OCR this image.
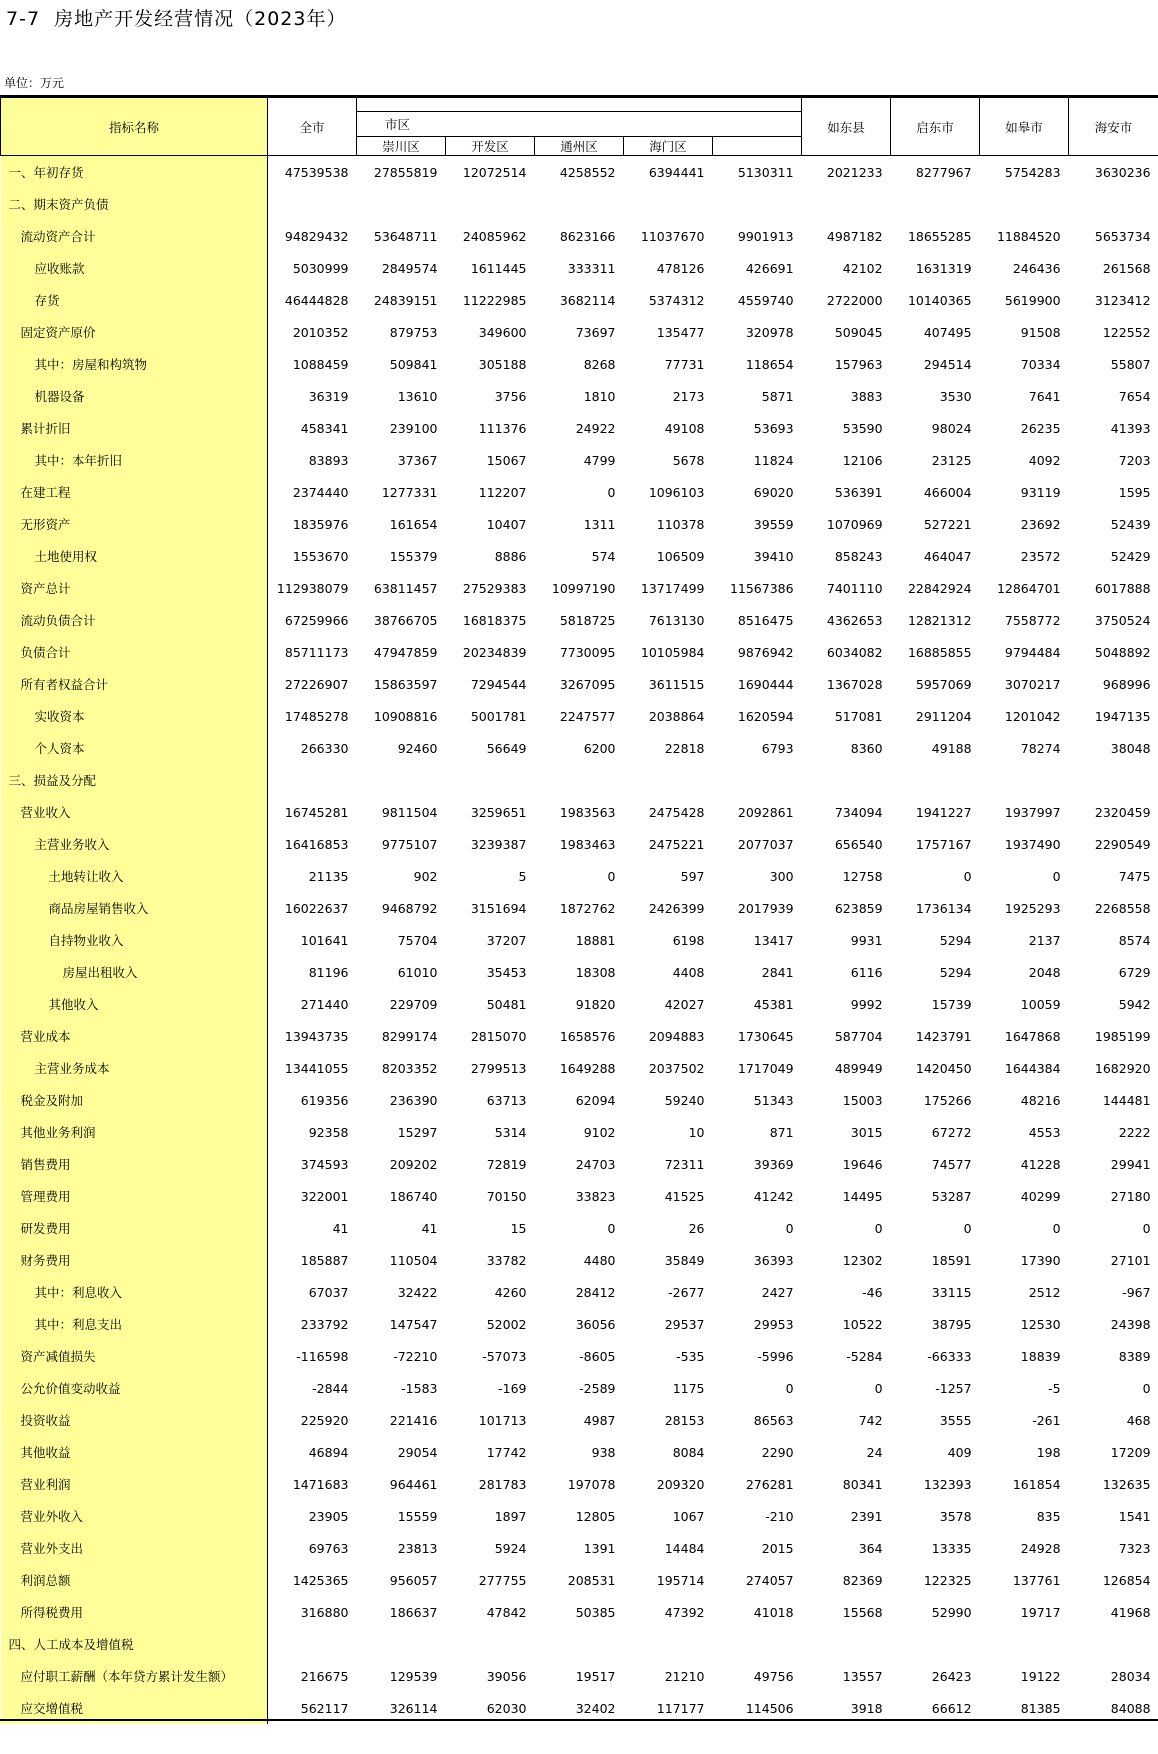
7-7  房地产开发经营情况（2023年）
单位：万元
指标名称	全市						如东县	启东市	如皋市	海安市
		市区								
		崇川区	开发区	通州区	海门区					
一、年初存货	47539538	27855819	12072514	4258552	6394441	5130311	2021233	8277967	5754283	3630236
二、期末资产负债										
流动资产合计	94829432	53648711	24085962	8623166	11037670	9901913	4987182	18655285	11884520	5653734
应收账款	5030999	2849574	1611445	333311	478126	426691	42102	1631319	246436	261568
存货	46444828	24839151	11222985	3682114	5374312	4559740	2722000	10140365	5619900	3123412
固定资产原价	2010352	879753	349600	73697	135477	320978	509045	407495	91508	122552
其中：房屋和构筑物	1088459	509841	305188	8268	77731	118654	157963	294514	70334	55807
机器设备	36319	13610	3756	1810	2173	5871	3883	3530	7641	7654
累计折旧	458341	239100	111376	24922	49108	53693	53590	98024	26235	41393
其中：本年折旧	83893	37367	15067	4799	5678	11824	12106	23125	4092	7203
在建工程	2374440	1277331	112207	0	1096103	69020	536391	466004	93119	1595
无形资产	1835976	161654	10407	1311	110378	39559	1070969	527221	23692	52439
土地使用权	1553670	155379	8886	574	106509	39410	858243	464047	23572	52429
资产总计	112938079	63811457	27529383	10997190	13717499	11567386	7401110	22842924	12864701	6017888
流动负债合计	67259966	38766705	16818375	5818725	7613130	8516475	4362653	12821312	7558772	3750524
负债合计	85711173	47947859	20234839	7730095	10105984	9876942	6034082	16885855	9794484	5048892
所有者权益合计	27226907	15863597	7294544	3267095	3611515	1690444	1367028	5957069	3070217	968996
实收资本	17485278	10908816	5001781	2247577	2038864	1620594	517081	2911204	1201042	1947135
个人资本	266330	92460	56649	6200	22818	6793	8360	49188	78274	38048
三、损益及分配										
营业收入	16745281	9811504	3259651	1983563	2475428	2092861	734094	1941227	1937997	2320459
主营业务收入	16416853	9775107	3239387	1983463	2475221	2077037	656540	1757167	1937490	2290549
土地转让收入	21135	902	5	0	597	300	12758	0	0	7475
商品房屋销售收入	16022637	9468792	3151694	1872762	2426399	2017939	623859	1736134	1925293	2268558
自持物业收入	101641	75704	37207	18881	6198	13417	9931	5294	2137	8574
房屋出租收入	81196	61010	35453	18308	4408	2841	6116	5294	2048	6729
其他收入	271440	229709	50481	91820	42027	45381	9992	15739	10059	5942
营业成本	13943735	8299174	2815070	1658576	2094883	1730645	587704	1423791	1647868	1985199
主营业务成本	13441055	8203352	2799513	1649288	2037502	1717049	489949	1420450	1644384	1682920
税金及附加	619356	236390	63713	62094	59240	51343	15003	175266	48216	144481
其他业务利润	92358	15297	5314	9102	10	871	3015	67272	4553	2222
销售费用	374593	209202	72819	24703	72311	39369	19646	74577	41228	29941
管理费用	322001	186740	70150	33823	41525	41242	14495	53287	40299	27180
研发费用	41	41	15	0	26	0	0	0	0	0
财务费用	185887	110504	33782	4480	35849	36393	12302	18591	17390	27101
其中：利息收入	67037	32422	4260	28412	-2677	2427	-46	33115	2512	-967
其中：利息支出	233792	147547	52002	36056	29537	29953	10522	38795	12530	24398
资产减值损失	-116598	-72210	-57073	-8605	-535	-5996	-5284	-66333	18839	8389
公允价值变动收益	-2844	-1583	-169	-2589	1175	0	0	-1257	-5	0
投资收益	225920	221416	101713	4987	28153	86563	742	3555	-261	468
其他收益	46894	29054	17742	938	8084	2290	24	409	198	17209
营业利润	1471683	964461	281783	197078	209320	276281	80341	132393	161854	132635
营业外收入	23905	15559	1897	12805	1067	-210	2391	3578	835	1541
营业外支出	69763	23813	5924	1391	14484	2015	364	13335	24928	7323
利润总额	1425365	956057	277755	208531	195714	274057	82369	122325	137761	126854
所得税费用	316880	186637	47842	50385	47392	41018	15568	52990	19717	41968
四、人工成本及增值税										
应付职工薪酬（本年贷方累计发生额）	216675	129539	39056	19517	21210	49756	13557	26423	19122	28034
应交增值税	562117	326114	62030	32402	117177	114506	3918	66612	81385	84088
